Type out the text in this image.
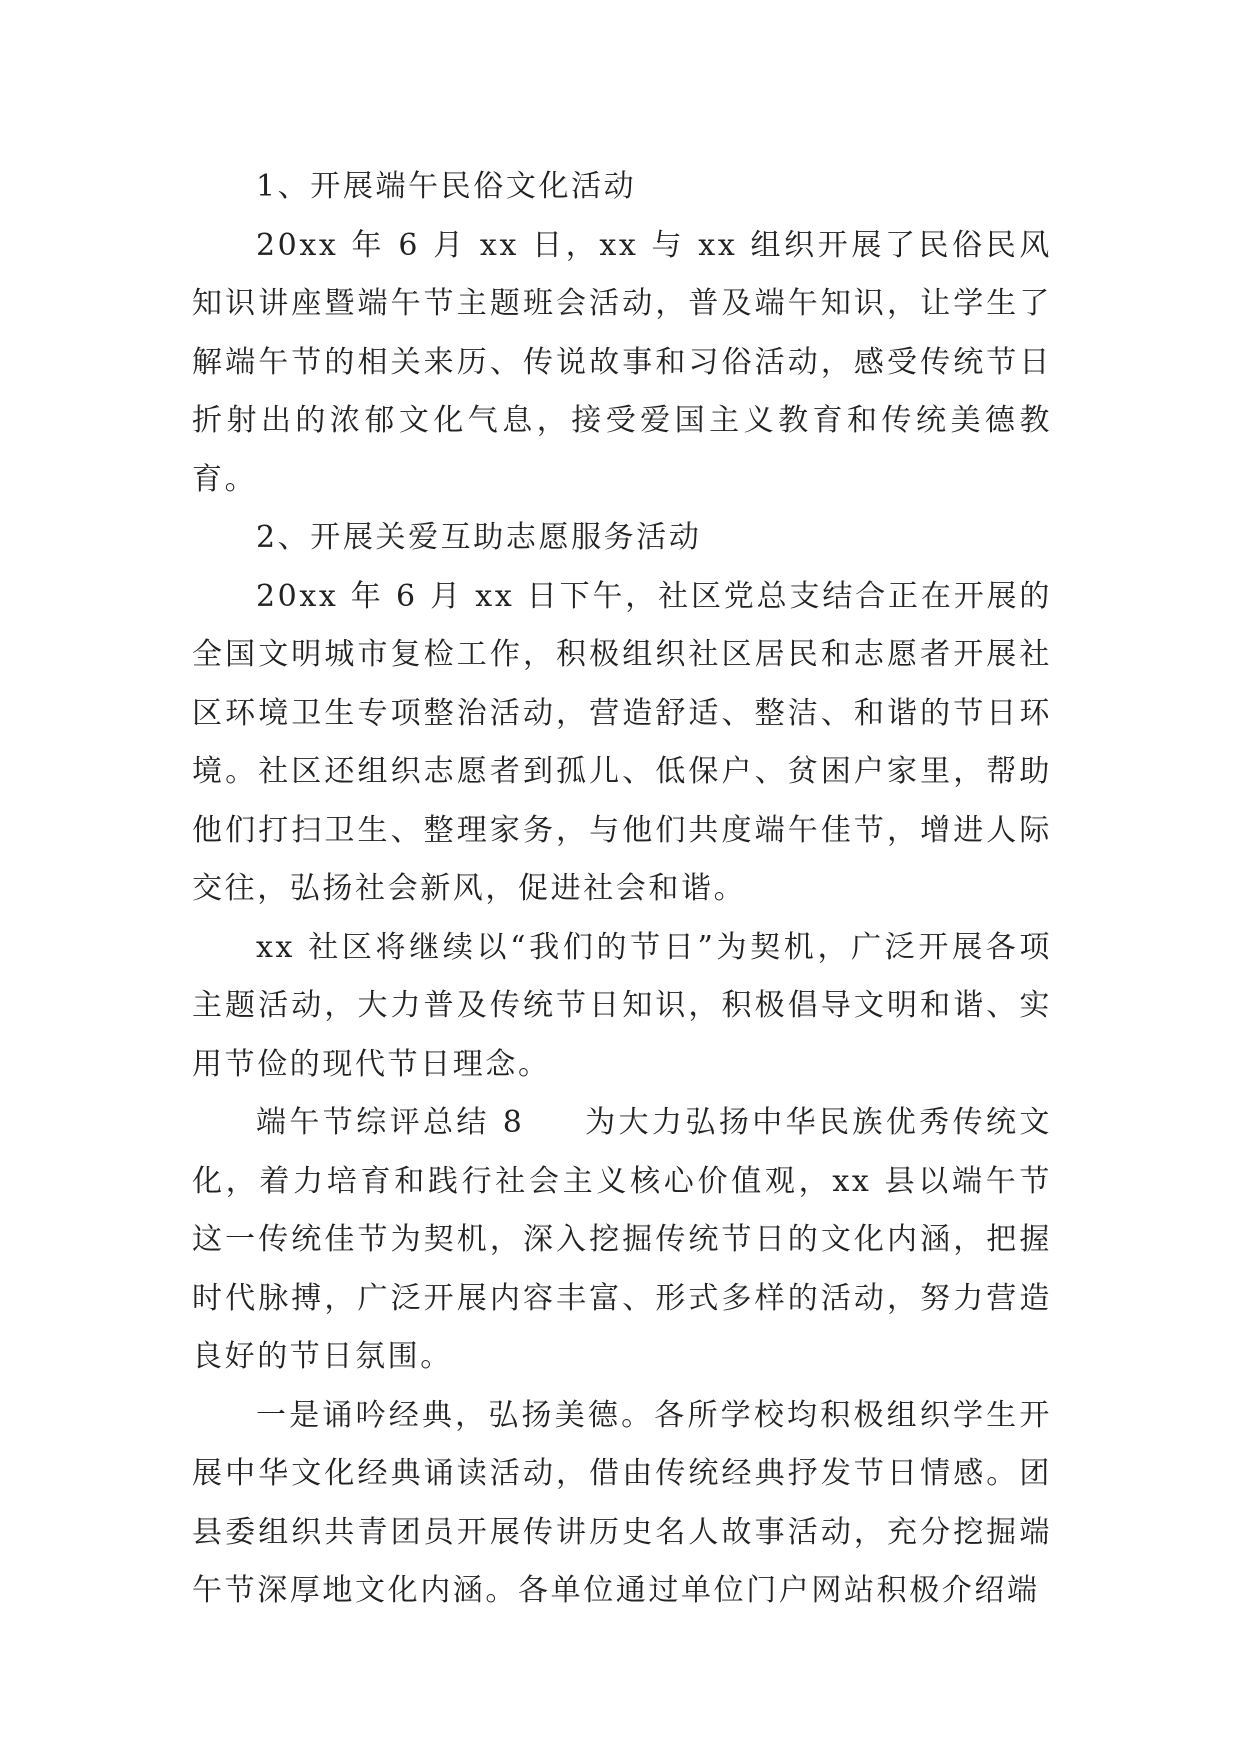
1、开展端午民俗文化活动

20xx 年 6 月 xx 日，xx 与 xx 组织开展了民俗民风知识讲座暨端午节主题班会活动，普及端午知识，让学生了解端午节的相关来历、传说故事和习俗活动，感受传统节日折射出的浓郁文化气息，接受爱国主义教育和传统美德教育。

2、开展关爱互助志愿服务活动

20xx 年 6 月 xx 日下午，社区党总支结合正在开展的全国文明城市复检工作，积极组织社区居民和志愿者开展社区环境卫生专项整治活动，营造舒适、整洁、和谐的节日环境。社区还组织志愿者到孤儿、低保户、贫困户家里，帮助他们打扫卫生、整理家务，与他们共度端午佳节，增进人际交往，弘扬社会新风，促进社会和谐。

xx 社区将继续以“我们的节日”为契机，广泛开展各项主题活动，大力普及传统节日知识，积极倡导文明和谐、实用节俭的现代节日理念。

端午节综评总结 8 为大力弘扬中华民族优秀传统文化，着力培育和践行社会主义核心价值观，xx 县以端午节这一传统佳节为契机，深入挖掘传统节日的文化内涵，把握时代脉搏，广泛开展内容丰富、形式多样的活动，努力营造良好的节日氛围。

一是诵吟经典，弘扬美德。各所学校均积极组织学生开展中华文化经典诵读活动，借由传统经典抒发节日情感。团县委组织共青团员开展传讲历史名人故事活动，充分挖掘端午节深厚地文化内涵。各单位通过单位门户网站积极介绍端
